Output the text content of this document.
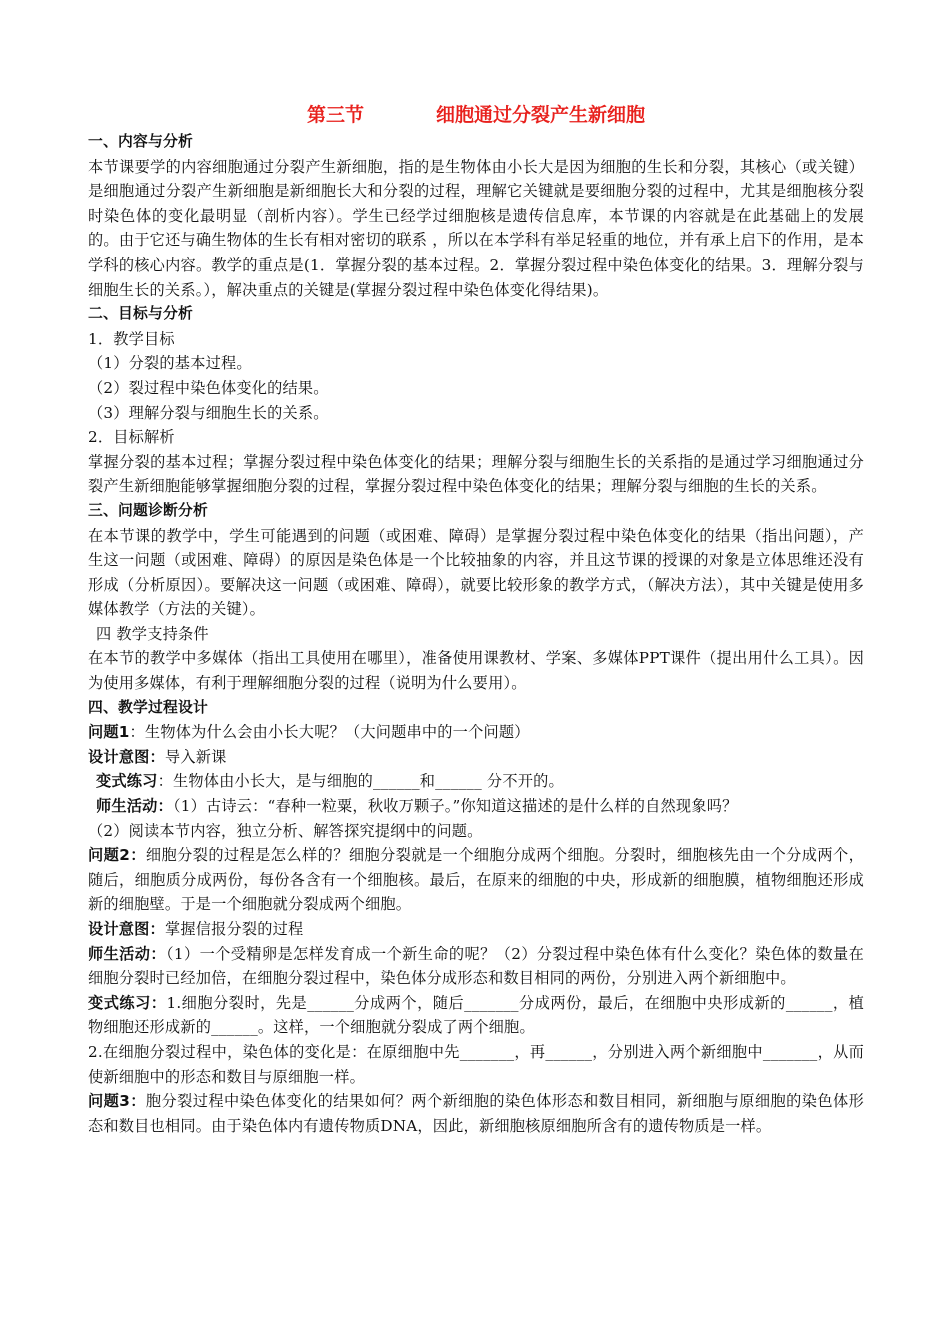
第三节	细胞通过分裂产生新细胞

一、内容与分析

本节课要学的内容细胞通过分裂产生新细胞，指的是生物体由小长大是因为细胞的生长和分裂，其核心（或关键）是细胞通过分裂产生新细胞是新细胞长大和分裂的过程，理解它关键就是要细胞分裂的过程中，尤其是细胞核分裂时染色体的变化最明显（剖析内容）。学生已经学过细胞核是遗传信息库，本节课的内容就是在此基础上的发展的。由于它还与确生物体的生长有相对密切的联系 ，所以在本学科有举足轻重的地位，并有承上启下的作用，是本学科的核心内容。教学的重点是(1．掌握分裂的基本过程。2．掌握分裂过程中染色体变化的结果。3．理解分裂与细胞生长的关系。），解决重点的关键是(掌握分裂过程中染色体变化得结果)。

二、目标与分析

1．教学目标

（1）分裂的基本过程。

（2）裂过程中染色体变化的结果。

（3）理解分裂与细胞生长的关系。

2．目标解析

掌握分裂的基本过程；掌握分裂过程中染色体变化的结果；理解分裂与细胞生长的关系指的是通过学习细胞通过分裂产生新细胞能够掌握细胞分裂的过程，掌握分裂过程中染色体变化的结果；理解分裂与细胞的生长的关系。

三、问题诊断分析

在本节课的教学中，学生可能遇到的问题（或困难、障碍）是掌握分裂过程中染色体变化的结果（指出问题），产生这一问题（或困难、障碍）的原因是染色体是一个比较抽象的内容，并且这节课的授课的对象是立体思维还没有形成（分析原因）。要解决这一问题（或困难、障碍），就要比较形象的教学方式，（解决方法），其中关键是使用多媒体教学（方法的关键）。

四 教学支持条件

在本节的教学中多媒体（指出工具使用在哪里），准备使用课教材、学案、多媒体PPT课件（提出用什么工具）。因为使用多媒体，有利于理解细胞分裂的过程（说明为什么要用）。

四、教学过程设计

问题1：生物体为什么会由小长大呢？（大问题串中的一个问题）

设计意图：导入新课

变式练习：生物体由小长大，是与细胞的______和______ 分不开的。

师生活动：（1）古诗云：“春种一粒粟，秋收万颗子。”你知道这描述的是什么样的自然现象吗？

（2）阅读本节内容，独立分析、解答探究提纲中的问题。

问题2：细胞分裂的过程是怎么样的？细胞分裂就是一个细胞分成两个细胞。分裂时，细胞核先由一个分成两个，随后，细胞质分成两份，每份各含有一个细胞核。最后，在原来的细胞的中央，形成新的细胞膜，植物细胞还形成新的细胞壁。于是一个细胞就分裂成两个细胞。

设计意图：掌握信报分裂的过程

师生活动：（1）一个受精卵是怎样发育成一个新生命的呢？（2）分裂过程中染色体有什么变化？染色体的数量在细胞分裂时已经加倍，在细胞分裂过程中，染色体分成形态和数目相同的两份，分别进入两个新细胞中。

变式练习：1.细胞分裂时，先是______分成两个，随后_______分成两份，最后，在细胞中央形成新的______，植物细胞还形成新的______。这样，一个细胞就分裂成了两个细胞。

2.在细胞分裂过程中，染色体的变化是：在原细胞中先_______，再______，分别进入两个新细胞中_______，从而使新细胞中的形态和数目与原细胞一样。

问题3：胞分裂过程中染色体变化的结果如何？两个新细胞的染色体形态和数目相同，新细胞与原细胞的染色体形态和数目也相同。由于染色体内有遗传物质DNA，因此，新细胞核原细胞所含有的遗传物质是一样。
